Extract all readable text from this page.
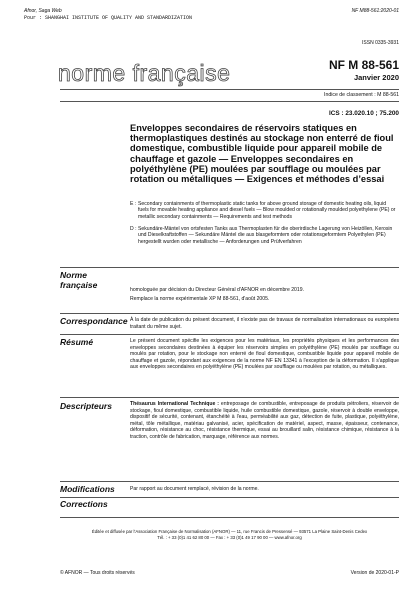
Afnor, Saga Web
Pour : SHANGHAI INSTITUTE OF QUALITY AND STANDARDIZATION
NF M88-561:2020-01
ISSN 0335-3931
norme française	NF M 88-561
Janvier 2020
Indice de classement : M 88-561
ICS : 23.020.10 ; 75.200
Enveloppes secondaires de réservoirs statiques en thermoplastiques destinés au stockage non enterré de fioul domestique, combustible liquide pour appareil mobile de chauffage et gazole — Enveloppes secondaires en polyéthylène (PE) moulées par soufflage ou moulées par rotation ou métalliques — Exigences et méthodes d’essai
E : Secondary containments of thermoplastic static tanks for above ground storage of domestic heating oils, liquid fuels for movable heating appliance and diesel fuels — Blow moulded or rotationally moulded polyethylene (PE) or metallic secondary containments — Requirements and test methods
D :Sekundäre-Mäntel von ortsfesten Tanks aus Thermoplasten für die oberirdische Lagerung von Heizöllen, Kerosin und Dieselkraftstoffen — Sekundäre Mäntel die aus blasgeformtem oder rotationsgeformtem Polyethylen (PE) hergestellt wurden oder metallische — Anforderungen und Prüfverfahren
Norme française	homologuée par décision du Directeur Général d'AFNOR en décembre 2019.
Remplace la norme expérimentale XP M 88-561, d'août 2005.
Correspondance À la date de publication du présent document, il n'existe pas de travaux de normalisation internationaux ou européens traitant du même sujet.
Résumé	Le présent document spécifie les exigences pour les matériaux, les propriétés physiques et les performances des enveloppes secondaires destinées à équiper les réservoirs simples en polyéthylène (PE) moulés par soufflage ou moulés par rotation, pour le stockage non enterré de fioul domestique, combustible liquide pour appareil mobile de chauffage et gazole, répondant aux exigences de la norme NF EN 13341 à l'exception de la déformation. Il s'applique aux enveloppes secondaires en polyéthylène (PE) moulées par soufflage ou moulées par rotation, ou métalliques.
Descripteurs	Thésaurus International Technique : entreposage de combustible, entreposage de produits pétroliers, réservoir de stockage, fioul domestique, combustible liquide, huile combustible domestique, gazole, réservoir à double enveloppe, dispositif de sécurité, contenant, étanchéité à l'eau, perméabilité aux gaz, détection de fuite, plastique, polyéthylène, métal, tôle métallique, matériau galvanisé, acier, spécification de matériel, aspect, masse, épaisseur, contenance, déformation, résistance au choc, résistance thermique, essai au brouillard salin, résistance chimique, résistance à la traction, contrôle de fabrication, marquage, référence aux normes.
Modifications	Par rapport au document remplacé, révision de la norme.
Corrections
Éditée et diffusée par l'Association Française de Normalisation (AFNOR) — 11, rue Francis de Pressensé — 93571 La Plaine Saint-Denis Cedex
Tél. : + 33 (0)1 41 62 80 00 — Fax : + 33 (0)1 49 17 90 00 — www.afnor.org
© AFNOR — Tous droits réservés	Version de 2020-01-P
